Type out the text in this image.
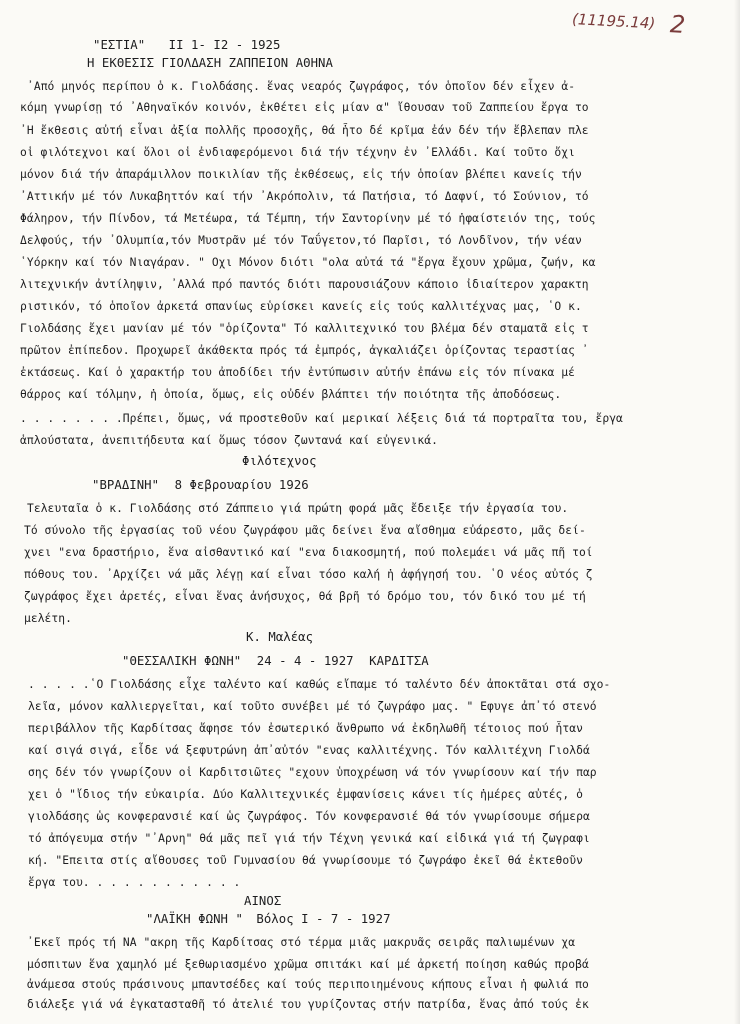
(11195.14) 2
"ΕΣΤΙΑ" ΙΙ 1- Ι2 - 1925
Η ΕΚΘΕΣΙΣ ΓΙΟΛΔΑΣΗ ΖΑΠΠΕΙΟΝ ΑΘΗΝΑ
᾿Από μηνός περίπου ὁ κ. Γιολδάσης. ἕνας νεαρός ζωγράφος, τόν ὁποῖον δέν εἶχεν ἀ-
κόμη γνωρίσῃ τό ᾿Αθηναϊκόν κοινόν, ἐκθέτει εἰς μίαν α" ἴθουσαν τοῦ Ζαππείου ἔργα το
᾿Η ἔκθεσις αὐτή εἶναι ἀξία πολλῆς προσοχῆς, θά ἦτο δέ κρῖμα ἐάν δέν τήν ἔβλεπαν πλε
οἱ φιλότεχνοι καί ὅλοι οἱ ἐνδιαφερόμενοι διά τήν τέχνην ἐν ᾿Ελλάδι. Καί τοῦτο ὄχι
μόνον διά τήν ἀπαράμιλλον ποικιλίαν τῆς ἐκθέσεως, εἰς τήν ὁποίαν βλέπει κανείς τήν
᾿Αττικήν μέ τόν Λυκαβηττόν καί τήν ᾿Ακρόπολιν, τά Πατήσια, τό Δαφνί, τό Σούνιον, τό
Φάληρον, τήν Πίνδον, τά Μετέωρα, τά Τέμπη, τήν Σαντορίνην μέ τό ἡφαίστειόν της, τούς
Δελφούς, τήν ᾿Ολυμπία,τόν Μυστρᾶν μέ τόν Ταΰγετον,τό Παρῖσι, τό Λονδῖνον, τήν νέαν
῾Υόρκην καί τόν Νιαγάραν. " Οχι Μόνον διότι "ολα αὐτά τά "ἔργα ἔχουν χρῶμα, ζωήν, κα
λιτεχνικήν ἀντίληψιν, ᾿Αλλά πρό παντός διότι παρουσιάζουν κάποιο ἰδιαίτερον χαρακτη
ριστικόν, τό ὁποῖον ἀρκετά σπανίως εὑρίσκει κανείς εἰς τούς καλλιτέχνας μας, ῾Ο κ.
Γιολδάσης ἔχει μανίαν μέ τόν "ὁρίζοντα" Τό καλλιτεχνικό του βλέμα δέν σταματᾶ εἰς τ
πρῶτον ἐπίπεδον. Προχωρεῖ ἀκάθεκτα πρός τά ἐμπρός, ἀγκαλιάζει ὁρίζοντας τεραστίας ᾿
ἐκτάσεως. Καί ὁ χαρακτήρ του ἀποδίδει τήν ἐντύπωσιν αὐτήν ἐπάνω εἰς τόν πίνακα μέ
θάρρος καί τόλμην, ἡ ὁποία, ὅμως, εἰς οὐδέν βλάπτει τήν ποιότητα τῆς ἀποδόσεως.
. . . . . . . .Πρέπει, ὅμως, νά προστεθοῦν καί μερικαί λέξεις διά τά πορτραῖτα του, ἔργα
ἁπλούστατα, ἀνεπιτήδευτα καί ὅμως τόσον ζωντανά καί εὐγενικά.
Φιλότεχνος
"ΒΡΑΔΙΝΗ" 8 Φεβρουαρίου 1926
Τελευταῖα ὁ κ. Γιολδάσης στό Ζάππειο γιά πρώτη φορά μᾶς ἔδειξε τήν ἐργασία του.
Τό σύνολο τῆς ἐργασίας τοῦ νέου ζωγράφου μᾶς δείνει ἕνα αἴσθημα εὐάρεστο, μᾶς δεί-
χνει "ενα δραστήριο, ἕνα αἰσθαντικό καί "ενα διακοσμητή, πού πολεμάει νά μᾶς πῆ τοί
πόθους του. ᾿Αρχίζει νά μᾶς λέγῃ καί εἶναι τόσο καλή ἡ ἀφήγησή του. ῾Ο νέος αὐτός ζ
ζωγράφος ἔχει ἀρετές, εἶναι ἕνας ἀνήσυχος, θά βρῆ τό δρόμο του, τόν δικό του μέ τή
μελέτη.
Κ. Μαλέας
"ΘΕΣΣΑΛΙΚΗ ΦΩΝΗ" 24 - 4 - 1927 ΚΑΡΔΙΤΣΑ
. . . . .῾Ο Γιολδάσης εἶχε ταλέντο καί καθώς εἴπαμε τό ταλέντο δέν ἀποκτᾶται στά σχο-
λεῖα, μόνον καλλιεργεῖται, καί τοῦτο συνέβει μέ τό ζωγράφο μας. " Εφυγε ἀπ᾿τό στενό
περιβάλλον τῆς Καρδίτσας ἄφησε τόν ἐσωτερικό ἄνθρωπο νά ἐκδηλωθῆ τέτοιος πού ἦταν
καί σιγά σιγά, εἶδε νά ξεφυτρώνη ἀπ᾿αὐτόν "ενας καλλιτέχνης. Τόν καλλιτέχνη Γιολδά
σης δέν τόν γνωρίζουν οἱ Καρδιτσιῶτες "εχουν ὑποχρέωση νά τόν γνωρίσουν καί τήν παρ
χει ὁ "ἴδιος τήν εὐκαιρία. Δύο Καλλιτεχνικές ἐμφανίσεις κάνει τίς ἡμέρες αὐτές, ὁ
γιολδάσης ὡς κονφερανσιέ καί ὡς ζωγράφος. Τόν κονφερανσιέ θά τόν γνωρίσουμε σήμερα
τό ἀπόγευμα στήν "᾿Αρνη" θά μᾶς πεῖ γιά τήν Τέχνη γενικά καί εἰδικά γιά τή ζωγραφι
κή. "Επειτα στίς αἴθουσες τοῦ Γυμνασίου θά γνωρίσουμε τό ζωγράφο ἐκεῖ θά ἐκτεθοῦν
ἔργα του. . . . . . . . . . . .
ΑΙΝΟΣ
"ΛΑΪΚΗ ΦΩΝΗ " Βόλος Ι - 7 - 1927
᾿Εκεῖ πρός τή ΝΑ "ακρη τῆς Καρδίτσας στό τέρμα μιᾶς μακρυᾶς σειρᾶς παλιωμένων χα
μόσπιτων ἕνα χαμηλό μέ ξεθωριασμένο χρῶμα σπιτάκι καί μέ ἀρκετή ποίηση καθώς προβά
ἀνάμεσα στούς πράσινους μπαντσέδες καί τούς περιποιημένους κήπους εἶναι ἡ φωλιά πο
διάλεξε γιά νά ἐγκατασταθῆ τό ἀτελιέ του γυρίζοντας στήν πατρίδα, ἕνας ἀπό τούς ἐκ
